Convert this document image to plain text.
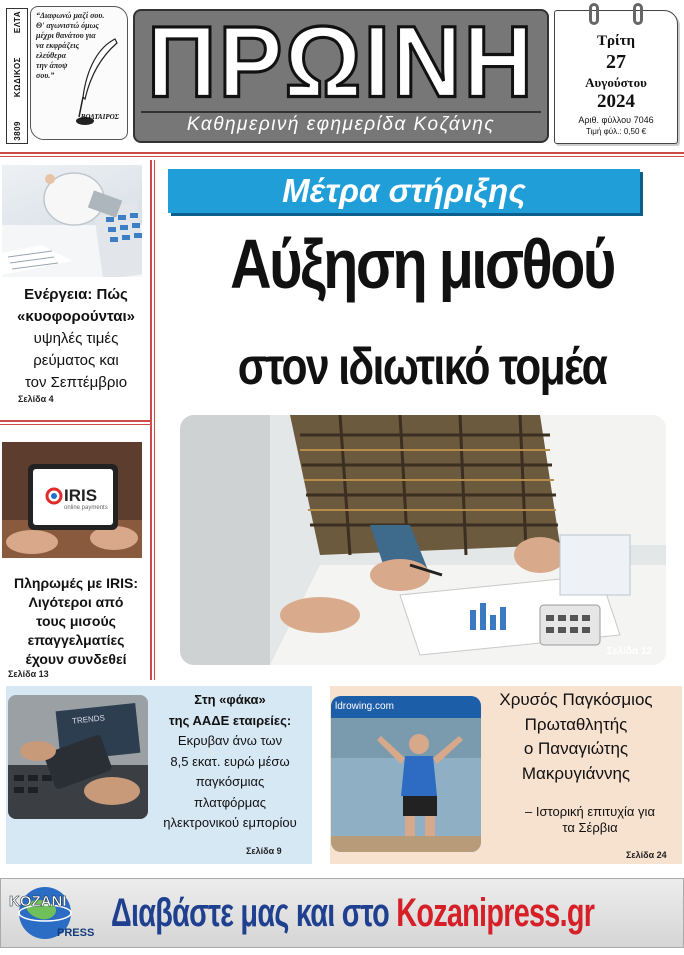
ΕΛΤΑ
ΚΩΔΙΚΟΣ
3809
“Διαφωνώ μαζί σου.
Θ' αγωνιστώ όμως
μέχρι θανάτου για
να εκφράζεις
ελεύθερα
την άποψ
σου.”
ΒΟΛΤΑΙΡΟΣ ΠΡΩΙΝΗ
Καθημερινή εφημερίδα Κοζάνης
Τρίτη
27
Αυγούστου
2024
Αριθ. φύλλου 7046
Τιμή φύλ.: 0,50 €
Ενέργεια: Πώς
«κυοφορούνται»
υψηλές τιμές
ρεύματος και
τον Σεπτέμβριο
Σελίδα 4
IRIS
online payments
Πληρωμές με IRIS:
Λιγότεροι από
τους μισούς
επαγγελματίες
έχουν συνδεθεί
Σελίδα 13
Μέτρα στήριξης
Αύξηση μισθού
στον ιδιωτικό τομέα
Σελίδα 12
TRENDS
Στη «φάκα»
της ΑΑΔΕ εταιρείες:
Εκρυβαν άνω των
8,5 εκατ. ευρώ μέσω
παγκόσμιας
πλατφόρμας
ηλεκτρονικού εμπορίου
Σελίδα 9
ldrowing.com	Χρυσός Παγκόσμιος
Πρωταθλητής
ο Παναγιώτης
Μακρυγιάννης
– Ιστορική επιτυχία για
τα Σέρβια
Σελίδα 24
KOZANI
PRESS Διαβάστε μας και στο Kozanipress.gr
